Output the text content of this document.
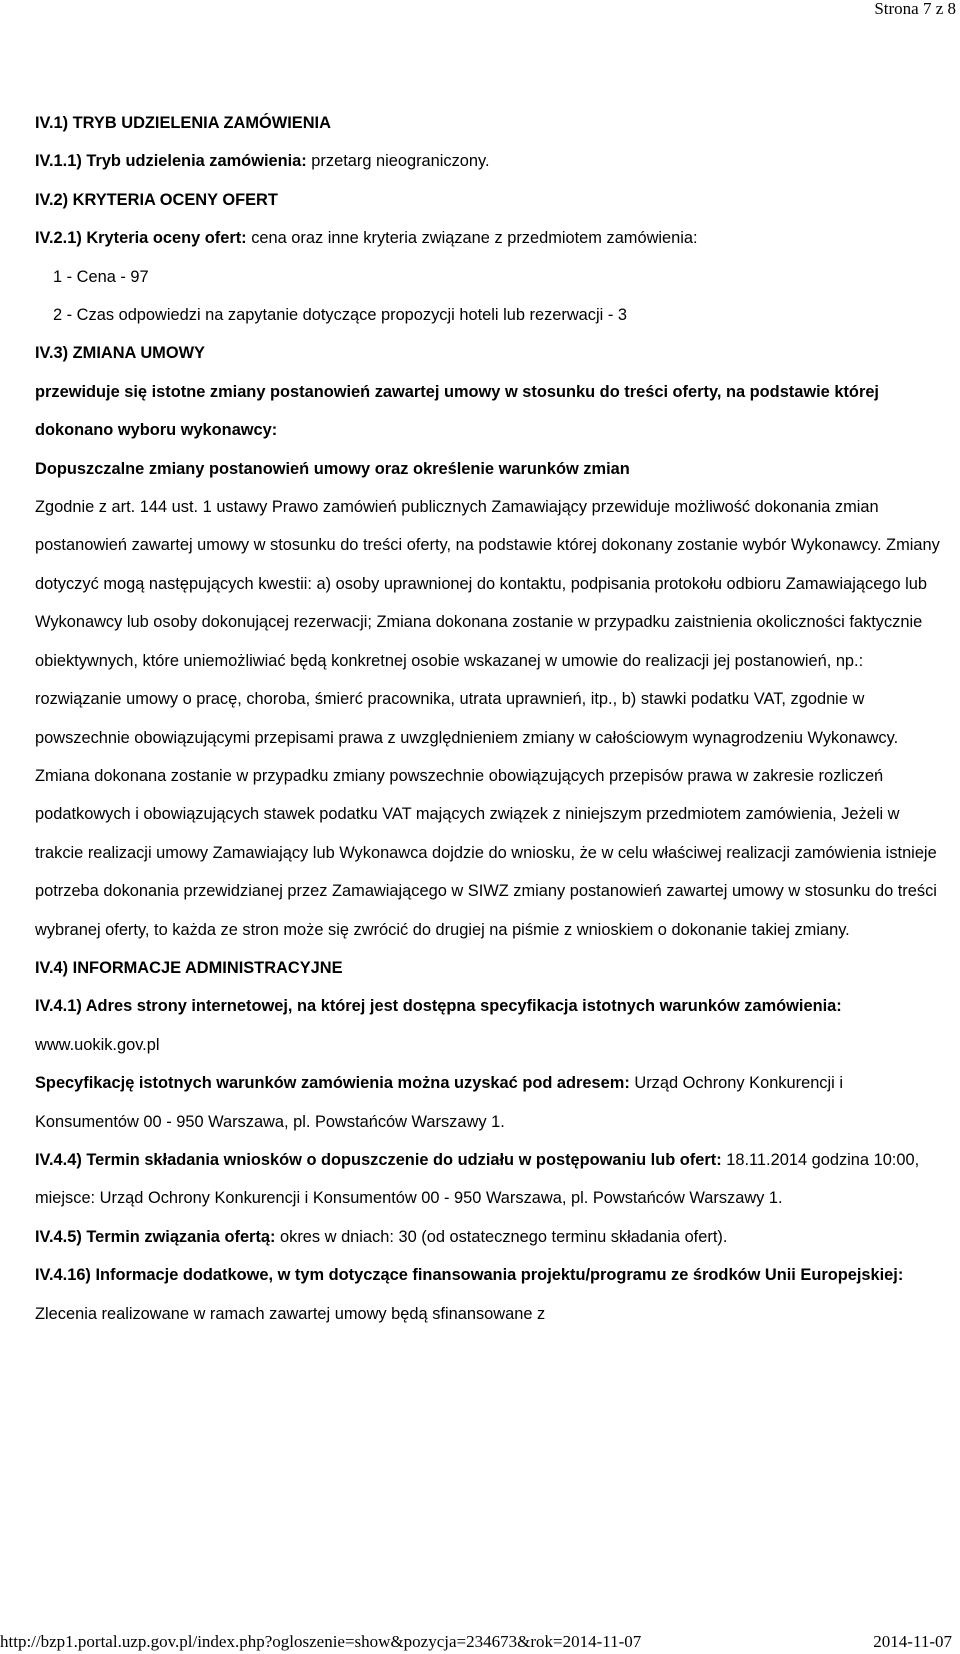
Strona 7 z 8

IV.1) TRYB UDZIELENIA ZAMÓWIENIA

IV.1.1) Tryb udzielenia zamówienia: przetarg nieograniczony.

IV.2) KRYTERIA OCENY OFERT

IV.2.1) Kryteria oceny ofert: cena oraz inne kryteria związane z przedmiotem zamówienia:

1 - Cena - 97

2 - Czas odpowiedzi na zapytanie dotyczące propozycji hoteli lub rezerwacji - 3

IV.3) ZMIANA UMOWY

przewiduje się istotne zmiany postanowień zawartej umowy w stosunku do treści oferty, na podstawie której dokonano wyboru wykonawcy:

Dopuszczalne zmiany postanowień umowy oraz określenie warunków zmian

Zgodnie z art. 144 ust. 1 ustawy Prawo zamówień publicznych Zamawiający przewiduje możliwość dokonania zmian postanowień zawartej umowy w stosunku do treści oferty, na podstawie której dokonany zostanie wybór Wykonawcy. Zmiany dotyczyć mogą następujących kwestii: a) osoby uprawnionej do kontaktu, podpisania protokołu odbioru Zamawiającego lub Wykonawcy lub osoby dokonującej rezerwacji; Zmiana dokonana zostanie w przypadku zaistnienia okoliczności faktycznie obiektywnych, które uniemożliwiać będą konkretnej osobie wskazanej w umowie do realizacji jej postanowień, np.: rozwiązanie umowy o pracę, choroba, śmierć pracownika, utrata uprawnień, itp., b) stawki podatku VAT, zgodnie w powszechnie obowiązującymi przepisami prawa z uwzględnieniem zmiany w całościowym wynagrodzeniu Wykonawcy. Zmiana dokonana zostanie w przypadku zmiany powszechnie obowiązujących przepisów prawa w zakresie rozliczeń podatkowych i obowiązujących stawek podatku VAT mających związek z niniejszym przedmiotem zamówienia, Jeżeli w trakcie realizacji umowy Zamawiający lub Wykonawca dojdzie do wniosku, że w celu właściwej realizacji zamówienia istnieje potrzeba dokonania przewidzianej przez Zamawiającego w SIWZ zmiany postanowień zawartej umowy w stosunku do treści wybranej oferty, to każda ze stron może się zwrócić do drugiej na piśmie z wnioskiem o dokonanie takiej zmiany.

IV.4) INFORMACJE ADMINISTRACYJNE

IV.4.1) Adres strony internetowej, na której jest dostępna specyfikacja istotnych warunków zamówienia: www.uokik.gov.pl

Specyfikację istotnych warunków zamówienia można uzyskać pod adresem: Urząd Ochrony Konkurencji i Konsumentów 00 - 950 Warszawa, pl. Powstańców Warszawy 1.

IV.4.4) Termin składania wniosków o dopuszczenie do udziału w postępowaniu lub ofert: 18.11.2014 godzina 10:00, miejsce: Urząd Ochrony Konkurencji i Konsumentów 00 - 950 Warszawa, pl. Powstańców Warszawy 1.

IV.4.5) Termin związania ofertą: okres w dniach: 30 (od ostatecznego terminu składania ofert).

IV.4.16) Informacje dodatkowe, w tym dotyczące finansowania projektu/programu ze środków Unii Europejskiej: Zlecenia realizowane w ramach zawartej umowy będą sfinansowane z

http://bzp1.portal.uzp.gov.pl/index.php?ogloszenie=show&pozycja=234673&rok=2014-11-07	2014-11-07
